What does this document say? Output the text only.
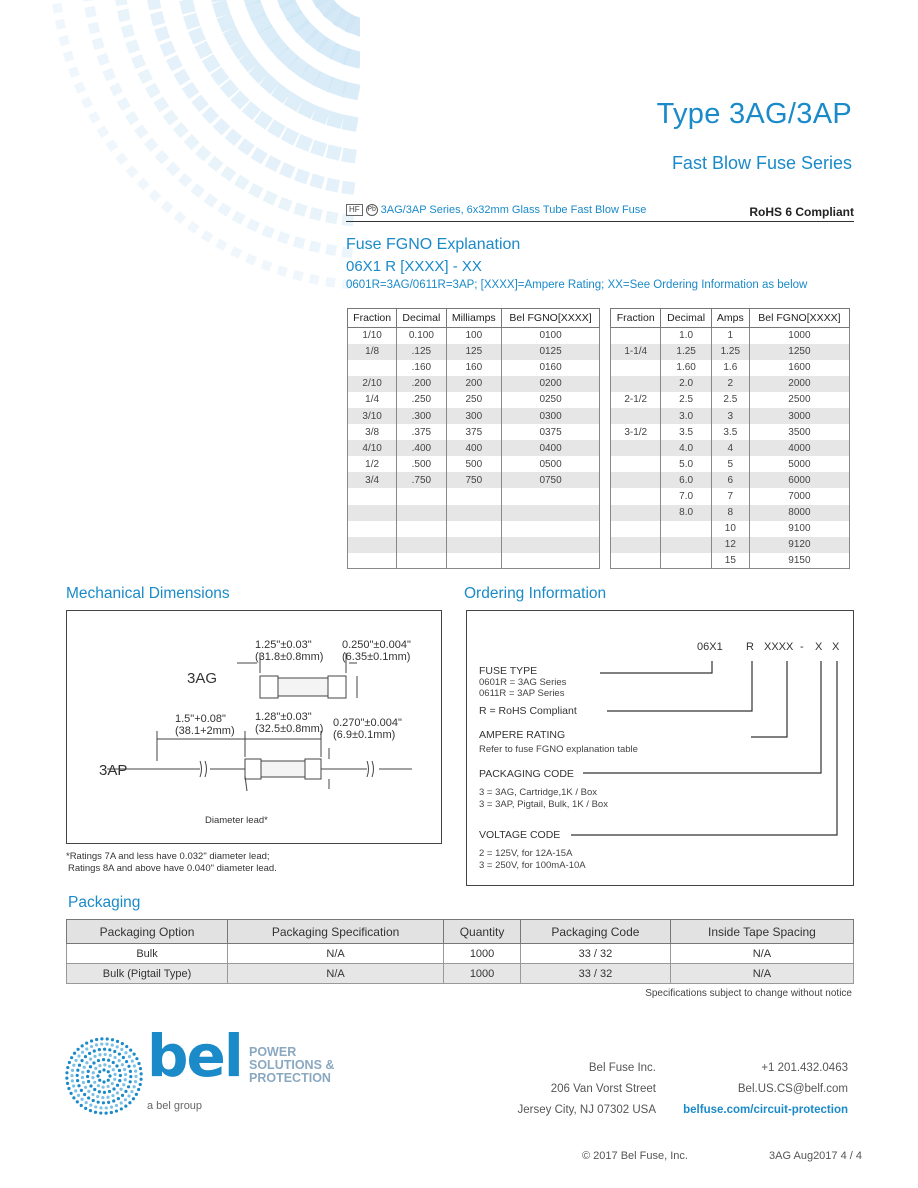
Type 3AG/3AP
Fast Blow Fuse Series
HF	Pb 3AG/3AP Series, 6x32mm Glass Tube Fast Blow Fuse	RoHS 6 Compliant
Fuse FGNO Explanation
06X1 R [XXXX] - XX
0601R=3AG/0611R=3AP; [XXXX]=Ampere Rating; XX=See Ordering Information as below
Fraction	Decimal	Milliamps	Bel FGNO[XXXX]
1/10	0.100	100	0100
1/8	.125	125	0125
	.160	160	0160
2/10	.200	200	0200
1/4	.250	250	0250
3/10	.300	300	0300
3/8	.375	375	0375
4/10	.400	400	0400
1/2	.500	500	0500
3/4	.750	750	0750

Fraction	Decimal	Amps	Bel FGNO[XXXX]
	1.0	1	1000
1-1/4	1.25	1.25	1250
	1.60	1.6	1600
	2.0	2	2000
2-1/2	2.5	2.5	2500
	3.0	3	3000
3-1/2	3.5	3.5	3500
	4.0	4	4000
	5.0	5	5000
	6.0	6	6000
	7.0	7	7000
	8.0	8	8000
		10	9100
		12	9120
		15	9150
Mechanical Dimensions
3AG
3AP
1.25"±0.03"
(31.8±0.8mm)
0.250"±0.004"
(6.35±0.1mm)
1.5"+0.08"
(38.1+2mm)
1.28"±0.03"
(32.5±0.8mm) 0.270"±0.004"
(6.9±0.1mm)
Diameter lead*
*Ratings 7A and less have 0.032" diameter lead;
Ratings 8A and above have 0.040" diameter lead.
Ordering Information
06X1 R XXXX - X X
FUSE TYPE
0601R = 3AG Series
0611R = 3AP Series
R = RoHS Compliant
AMPERE RATING
Refer to fuse FGNO explanation table
PACKAGING CODE
3 = 3AG, Cartridge,1K / Box
3 = 3AP, Pigtail, Bulk, 1K / Box
VOLTAGE CODE
2 = 125V, for 12A-15A
3 = 250V, for 100mA-10A
Packaging
Packaging Option	Packaging Specification	Quantity	Packaging Code	Inside Tape Spacing
Bulk	N/A	1000	33 / 32	N/A
Bulk (Pigtail Type)	N/A	1000	33 / 32	N/A
Specifications subject to change without notice
bel POWER
SOLUTIONS &
PROTECTION
a bel group
Bel Fuse Inc.
206 Van Vorst Street
Jersey City, NJ 07302 USA
+1 201.432.0463
Bel.US.CS@belf.com
belfuse.com/circuit-protection
© 2017 Bel Fuse, Inc.	3AG Aug2017 4 / 4
